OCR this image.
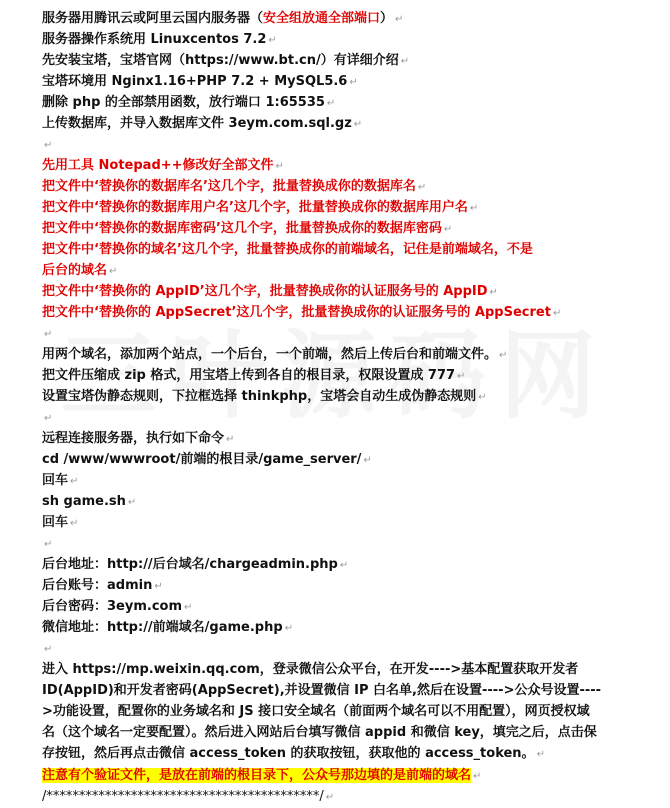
服务器用腾讯云或阿里云国内服务器（安全组放通全部端口） ↵
服务器操作系统用 Linuxcentos 7.2 ↵
先安装宝塔，宝塔官网（https://www.bt.cn/）有详细介绍 ↵
宝塔环境用 Nginx1.16+PHP 7.2 + MySQL5.6 ↵
删除 php 的全部禁用函数，放行端口 1:65535 ↵
上传数据库，并导入数据库文件 3eym.com.sql.gz ↵
↵
先用工具 Notepad++修改好全部文件 ↵
把文件中‘替换你的数据库名’这几个字，批量替换成你的数据库名 ↵
把文件中‘替换你的数据库用户名’这几个字，批量替换成你的数据库用户名 ↵
把文件中‘替换你的数据库密码’这几个字，批量替换成你的数据库密码 ↵
把文件中‘替换你的域名’这几个字，批量替换成你的前端域名，记住是前端域名，不是
后台的域名 ↵
把文件中‘替换你的 AppID’这几个字，批量替换成你的认证服务号的 AppID ↵
把文件中‘替换你的 AppSecret’这几个字，批量替换成你的认证服务号的 AppSecret ↵
↵
用两个域名，添加两个站点，一个后台，一个前端，然后上传后台和前端文件。 ↵
把文件压缩成 zip 格式，用宝塔上传到各自的根目录，权限设置成 777 ↵
设置宝塔伪静态规则，下拉框选择 thinkphp，宝塔会自动生成伪静态规则 ↵
↵
远程连接服务器，执行如下命令 ↵
cd /www/wwwroot/前端的根目录/game_server/ ↵
回车 ↵
sh game.sh ↵
回车 ↵
↵
后台地址：http://后台域名/chargeadmin.php ↵
后台账号：admin ↵
后台密码：3eym.com ↵
微信地址：http://前端域名/game.php ↵
↵
进入 https://mp.weixin.qq.com，登录微信公众平台，在开发---->基本配置获取开发者 ID(AppID)和开发者密码(AppSecret),并设置微信 IP 白名单,然后在设置---->公众号设置---->功能设置，配置你的业务域名和 JS 接口安全域名（前面两个域名可以不用配置），网页授权域名（这个域名一定要配置）。然后进入网站后台填写微信 appid 和微信 key，填完之后，点击保存按钮，然后再点击微信 access_token 的获取按钮，获取他的 access_token。 ↵
注意有个验证文件，是放在前端的根目录下，公众号那边填的是前端的域名 ↵
/******************************************/ ↵
